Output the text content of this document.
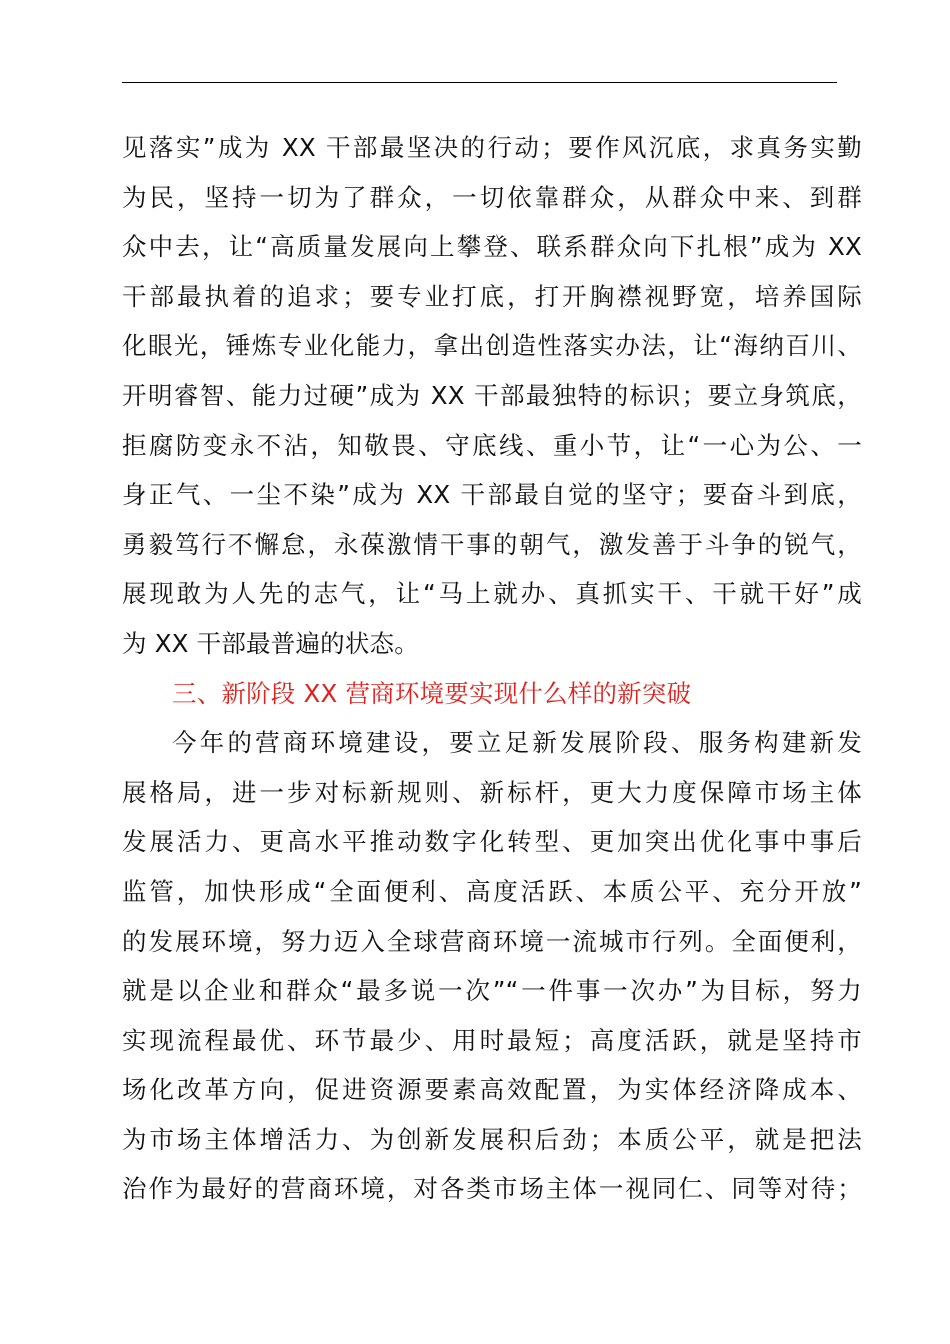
见落实”成为 XX 干部最坚决的行动；要作风沉底，求真务实勤
为民，坚持一切为了群众，一切依靠群众，从群众中来、到群
众中去，让“高质量发展向上攀登、联系群众向下扎根”成为 XX
干部最执着的追求；要专业打底，打开胸襟视野宽，培养国际
化眼光，锤炼专业化能力，拿出创造性落实办法，让“海纳百川、
开明睿智、能力过硬”成为 XX 干部最独特的标识；要立身筑底，
拒腐防变永不沾，知敬畏、守底线、重小节，让“一心为公、一
身正气、一尘不染”成为 XX 干部最自觉的坚守；要奋斗到底，
勇毅笃行不懈怠，永葆激情干事的朝气，激发善于斗争的锐气，
展现敢为人先的志气，让“马上就办、真抓实干、干就干好”成
为 XX 干部最普遍的状态。
三、新阶段 XX 营商环境要实现什么样的新突破
今年的营商环境建设，要立足新发展阶段、服务构建新发
展格局，进一步对标新规则、新标杆，更大力度保障市场主体
发展活力、更高水平推动数字化转型、更加突出优化事中事后
监管，加快形成“全面便利、高度活跃、本质公平、充分开放”
的发展环境，努力迈入全球营商环境一流城市行列。全面便利，
就是以企业和群众“最多说一次”“一件事一次办”为目标，努力
实现流程最优、环节最少、用时最短；高度活跃，就是坚持市
场化改革方向，促进资源要素高效配置，为实体经济降成本、
为市场主体增活力、为创新发展积后劲；本质公平，就是把法
治作为最好的营商环境，对各类市场主体一视同仁、同等对待；
